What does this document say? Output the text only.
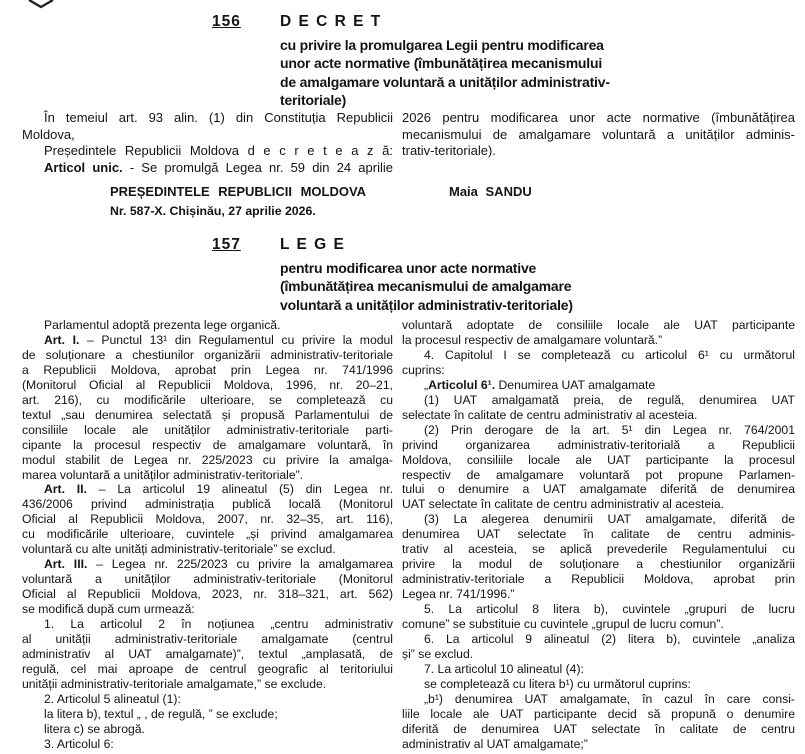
156	D E C R E T
cu privire la promulgarea Legii pentru modificarea
unor acte normative (îmbunătățirea mecanismului
de amalgamare voluntară a unităților administrativ-
teritoriale)
În temeiul art. 93 alin. (1) din Constituția Republicii
Moldova,
Președintele Republicii Moldova d e c r e t e a z ă:
Articol unic. - Se promulgă Legea nr. 59 din 24 aprilie
2026 pentru modificarea unor acte normative (îmbunătățirea
mecanismului de amalgamare voluntară a unităților adminis-
trativ-teritoriale).
PREȘEDINTELE REPUBLICII MOLDOVA	Maia SANDU
Nr. 587-X. Chișinău, 27 aprilie 2026.
157	L E G E
pentru modificarea unor acte normative
(îmbunătățirea mecanismului de amalgamare
voluntară a unităților administrativ-teritoriale)
Parlamentul adoptă prezenta lege organică.
Art. I. – Punctul 13¹ din Regulamentul cu privire la modul
de soluționare a chestiunilor organizării administrativ-teritoriale
a Republicii Moldova, aprobat prin Legea nr. 741/1996
(Monitorul Oficial al Republicii Moldova, 1996, nr. 20–21,
art. 216), cu modificările ulterioare, se completează cu
textul „sau denumirea selectată și propusă Parlamentului de
consiliile locale ale unităților administrativ-teritoriale parti-
cipante la procesul respectiv de amalgamare voluntară, în
modul stabilit de Legea nr. 225/2023 cu privire la amalga-
marea voluntară a unităților administrativ-teritoriale”.
Art. II. – La articolul 19 alineatul (5) din Legea nr.
436/2006 privind administrația publică locală (Monitorul
Oficial al Republicii Moldova, 2007, nr. 32–35, art. 116),
cu modificările ulterioare, cuvintele „și privind amalgamarea
voluntară cu alte unități administrativ-teritoriale” se exclud.
Art. III. – Legea nr. 225/2023 cu privire la amalgamarea
voluntară a unităților administrativ-teritoriale (Monitorul
Oficial al Republicii Moldova, 2023, nr. 318–321, art. 562)
se modifică după cum urmează:
1. La articolul 2 în noțiunea „centru administrativ
al unității administrativ-teritoriale amalgamate (centrul
administrativ al UAT amalgamate)”, textul „amplasată, de
regulă, cel mai aproape de centrul geografic al teritoriului
unității administrativ-teritoriale amalgamate,” se exclude.
2. Articolul 5 alineatul (1):
la litera b), textul „ , de regulă, ” se exclude;
litera c) se abrogă.
3. Articolul 6:
voluntară adoptate de consiliile locale ale UAT participante
la procesul respectiv de amalgamare voluntară.”
4. Capitolul I se completează cu articolul 6¹ cu următorul
cuprins:
„Articolul 6¹. Denumirea UAT amalgamate
(1) UAT amalgamată preia, de regulă, denumirea UAT
selectate în calitate de centru administrativ al acesteia.
(2) Prin derogare de la art. 5¹ din Legea nr. 764/2001
privind organizarea administrativ-teritorială a Republicii
Moldova, consiliile locale ale UAT participante la procesul
respectiv de amalgamare voluntară pot propune Parlamen-
tului o denumire a UAT amalgamate diferită de denumirea
UAT selectate în calitate de centru administrativ al acesteia.
(3) La alegerea denumirii UAT amalgamate, diferită de
denumirea UAT selectate în calitate de centru adminis-
trativ al acesteia, se aplică prevederile Regulamentului cu
privire la modul de soluționare a chestiunilor organizării
administrativ-teritoriale a Republicii Moldova, aprobat prin
Legea nr. 741/1996.”
5. La articolul 8 litera b), cuvintele „grupuri de lucru
comune” se substituie cu cuvintele „grupul de lucru comun”.
6. La articolul 9 alineatul (2) litera b), cuvintele „analiza
și” se exclud.
7. La articolul 10 alineatul (4):
se completează cu litera b¹) cu următorul cuprins:
„b¹) denumirea UAT amalgamate, în cazul în care consi-
liile locale ale UAT participante decid să propună o denumire
diferită de denumirea UAT selectate în calitate de centru
administrativ al UAT amalgamate;”
